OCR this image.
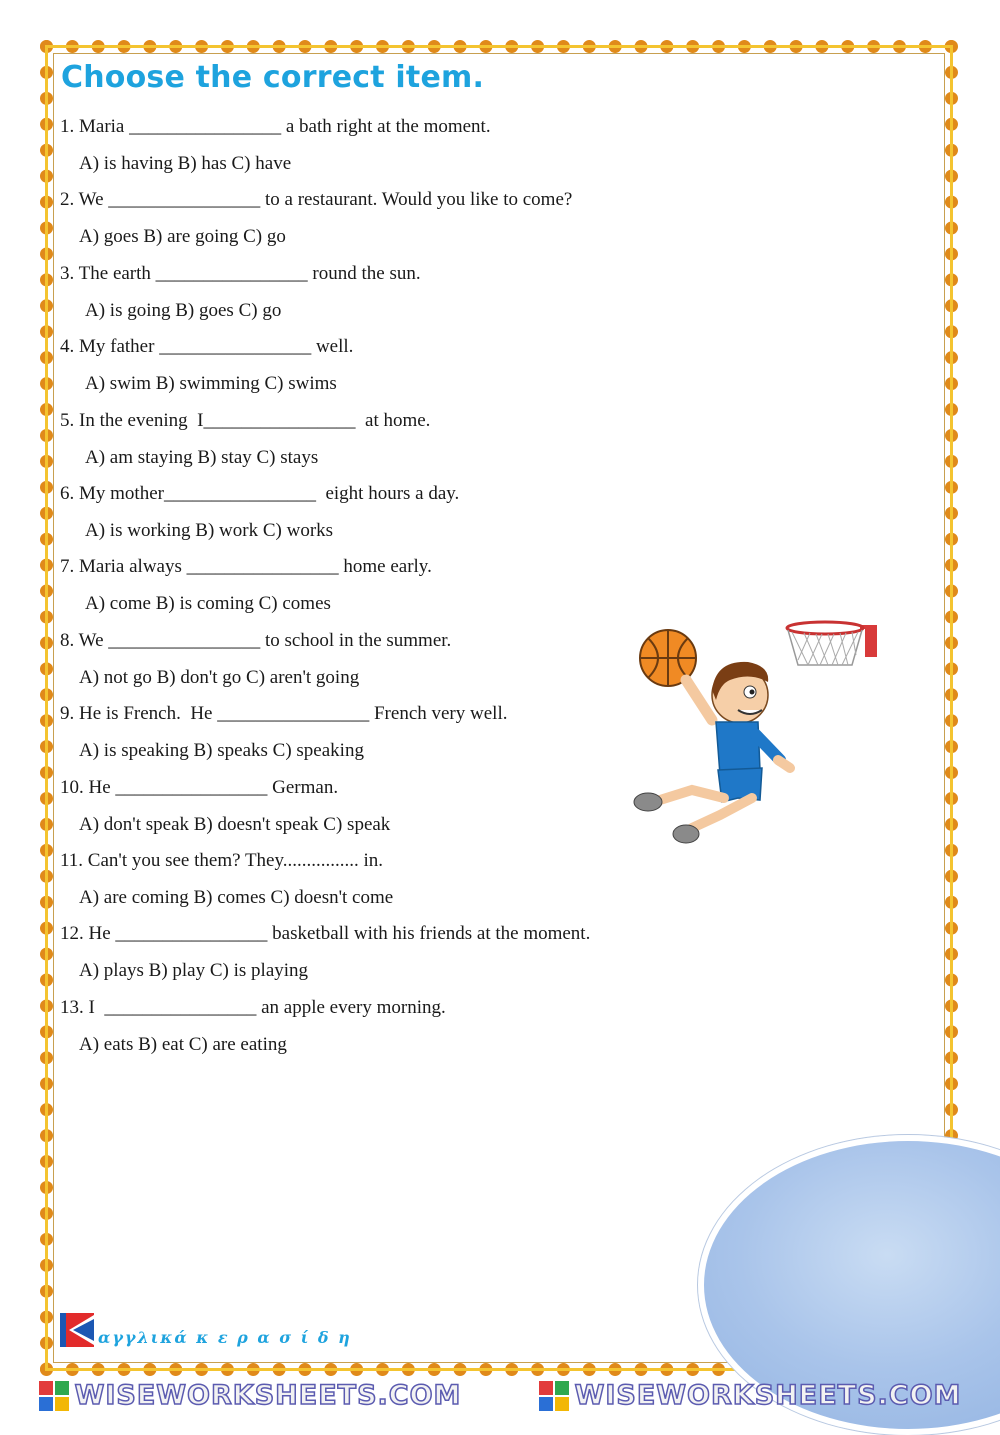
Choose the correct item.
1. Maria ________________ a bath right at the moment.
A) is having B) has C) have
2. We ________________ to a restaurant. Would you like to come?
A) goes B) are going C) go
3. The earth ________________ round the sun.
A) is going B) goes C) go
4. My father ________________ well.
A) swim B) swimming C) swims
5. In the evening  I________________  at home.
A) am staying B) stay C) stays
6. My mother________________  eight hours a day.
A) is working B) work C) works
7. Maria always ________________ home early.
A) come B) is coming C) comes
8. We ________________ to school in the summer.
A) not go B) don't go C) aren't going
9. He is French.  He ________________ French very well.
A) is speaking B) speaks C) speaking
10. He ________________ German.
A) don't speak B) doesn't speak C) speak
11. Can't you see them? They................ in.
A) are coming B) comes C) doesn't come
12. He ________________ basketball with his friends at the moment.
A) plays B) play C) is playing
13. I  ________________ an apple every morning.
A) eats B) eat C) are eating
αγγλικά κ ε ρ α σ ί δ η
WISEWORKSHEETS.COM	WISEWORKSHEETS.COM
